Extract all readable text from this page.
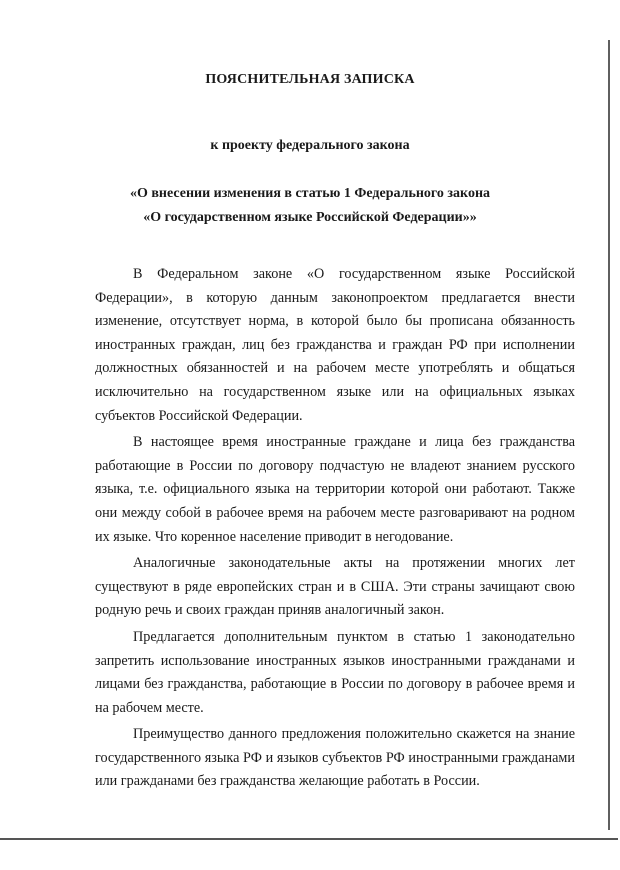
ПОЯСНИТЕЛЬНАЯ ЗАПИСКА
к проекту федерального закона
«О внесении изменения в статью 1 Федерального закона
«О государственном языке Российской Федерации»»

В Федеральном законе «О государственном языке Российской Федерации», в которую данным законопроектом предлагается внести изменение, отсутствует норма, в которой было бы прописана обязанность иностранных граждан, лиц без гражданства и граждан РФ при исполнении должностных обязанностей и на рабочем месте употреблять и общаться исключительно на государственном языке или на официальных языках субъектов Российской Федерации.

В настоящее время иностранные граждане и лица без гражданства работающие в России по договору подчастую не владеют знанием русского языка, т.е. официального языка на территории которой они работают. Также они между собой в рабочее время на рабочем месте разговаривают на родном их языке. Что коренное население приводит в негодование.

Аналогичные законодательные акты на протяжении многих лет существуют в ряде европейских стран и в США. Эти страны зачищают свою родную речь и своих граждан приняв аналогичный закон.

Предлагается дополнительным пунктом в статью 1 законодательно запретить использование иностранных языков иностранными гражданами и лицами без гражданства, работающие в России по договору в рабочее время и на рабочем месте.

Преимущество данного предложения положительно скажется на знание государственного языка РФ и языков субъектов РФ иностранными гражданами или гражданами без гражданства желающие работать в России.
